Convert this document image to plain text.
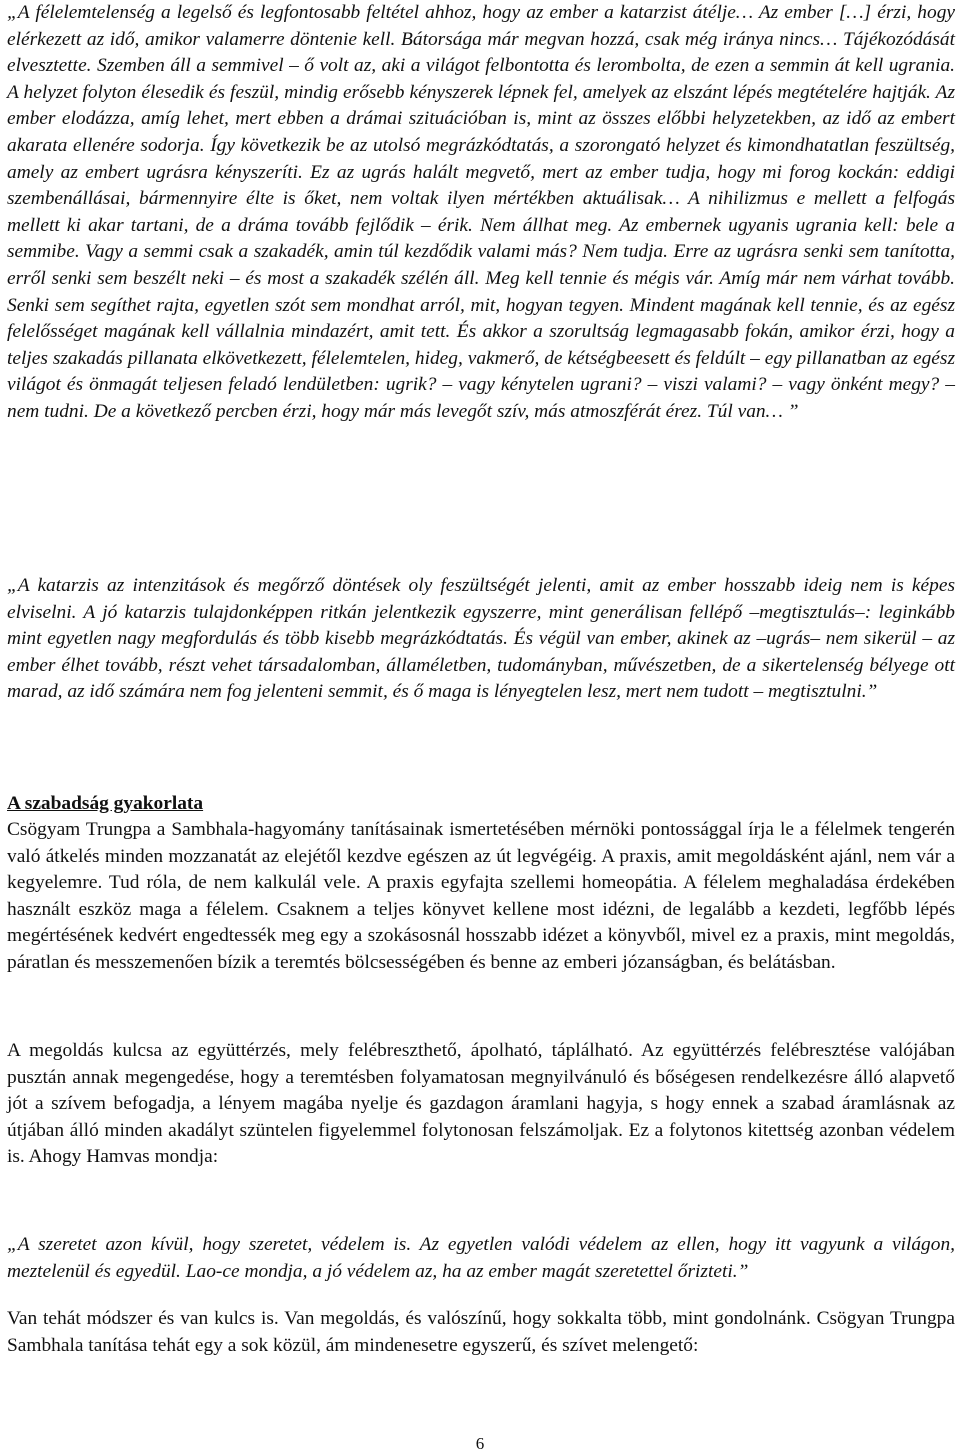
„A félelemtelenség a legelső és legfontosabb feltétel ahhoz, hogy az ember a katarzist átélje… Az ember […] érzi, hogy elérkezett az idő, amikor valamerre döntenie kell. Bátorsága már megvan hozzá, csak még iránya nincs… Tájékozódását elvesztette. Szemben áll a semmivel – ő volt az, aki a világot felbontotta és lerombolta, de ezen a semmin át kell ugrania. A helyzet folyton élesedik és feszül, mindig erősebb kényszerek lépnek fel, amelyek az elszánt lépés megtételére hajtják. Az ember elodázza, amíg lehet, mert ebben a drámai szituációban is, mint az összes előbbi helyzetekben, az idő az embert akarata ellenére sodorja. Így következik be az utolsó megrázkódtatás, a szorongató helyzet és kimondhatatlan feszültség, amely az embert ugrásra kényszeríti. Ez az ugrás halált megvető, mert az ember tudja, hogy mi forog kockán: eddigi szembenállásai, bármennyire élte is őket, nem voltak ilyen mértékben aktuálisak… A nihilizmus e mellett a felfogás mellett ki akar tartani, de a dráma tovább fejlődik – érik. Nem állhat meg. Az embernek ugyanis ugrania kell: bele a semmibe. Vagy a semmi csak a szakadék, amin túl kezdődik valami más? Nem tudja. Erre az ugrásra senki sem tanította, erről senki sem beszélt neki – és most a szakadék szélén áll. Meg kell tennie és mégis vár. Amíg már nem várhat tovább. Senki sem segíthet rajta, egyetlen szót sem mondhat arról, mit, hogyan tegyen. Mindent magának kell tennie, és az egész felelősséget magának kell vállalnia mindazért, amit tett. És akkor a szorultság legmagasabb fokán, amikor érzi, hogy a teljes szakadás pillanata elkövetkezett, félelemtelen, hideg, vakmerő, de kétségbeesett és feldúlt – egy pillanatban az egész világot és önmagát teljesen feladó lendületben: ugrik? – vagy kénytelen ugrani? – viszi valami? – vagy önként megy? – nem tudni. De a következő percben érzi, hogy már más levegőt szív, más atmoszférát érez. Túl van… ”

„A katarzis az intenzitások és megőrző döntések oly feszültségét jelenti, amit az ember hosszabb ideig nem is képes elviselni. A jó katarzis tulajdonképpen ritkán jelentkezik egyszerre, mint generálisan fellépő –megtisztulás–: leginkább mint egyetlen nagy megfordulás és több kisebb megrázkódtatás. És végül van ember, akinek az –ugrás– nem sikerül – az ember élhet tovább, részt vehet társadalomban, államéletben, tudományban, művészetben, de a sikertelenség bélyege ott marad, az idő számára nem fog jelenteni semmit, és ő maga is lényegtelen lesz, mert nem tudott – megtisztulni.”

A szabadság gyakorlata

Csögyam Trungpa a Sambhala-hagyomány tanításainak ismertetésében mérnöki pontossággal írja le a félelmek tengerén való átkelés minden mozzanatát az elejétől kezdve egészen az út legvégéig. A praxis, amit megoldásként ajánl, nem vár a kegyelemre. Tud róla, de nem kalkulál vele. A praxis egyfajta szellemi homeopátia. A félelem meghaladása érdekében használt eszköz maga a félelem. Csaknem a teljes könyvet kellene most idézni, de legalább a kezdeti, legfőbb lépés megértésének kedvért engedtessék meg egy a szokásosnál hosszabb idézet a könyvből, mivel ez a praxis, mint megoldás, páratlan és messzemenően bízik a teremtés bölcsességében és benne az emberi józanságban, és belátásban.

A megoldás kulcsa az együttérzés, mely felébreszthető, ápolható, táplálható. Az együttérzés felébresztése valójában pusztán annak megengedése, hogy a teremtésben folyamatosan megnyilvánuló és bőségesen rendelkezésre álló alapvető jót a szívem befogadja, a lényem magába nyelje és gazdagon áramlani hagyja, s hogy ennek a szabad áramlásnak az útjában álló minden akadályt szüntelen figyelemmel folytonosan felszámoljak. Ez a folytonos kitettség azonban védelem is. Ahogy Hamvas mondja:

„A szeretet azon kívül, hogy szeretet, védelem is. Az egyetlen valódi védelem az ellen, hogy itt vagyunk a világon, meztelenül és egyedül. Lao-ce mondja, a jó védelem az, ha az ember magát szeretettel őrizteti.”

Van tehát módszer és van kulcs is. Van megoldás, és valószínű, hogy sokkalta több, mint gondolnánk. Csögyan Trungpa Sambhala tanítása tehát egy a sok közül, ám mindenesetre egyszerű, és szívet melengető:

6
